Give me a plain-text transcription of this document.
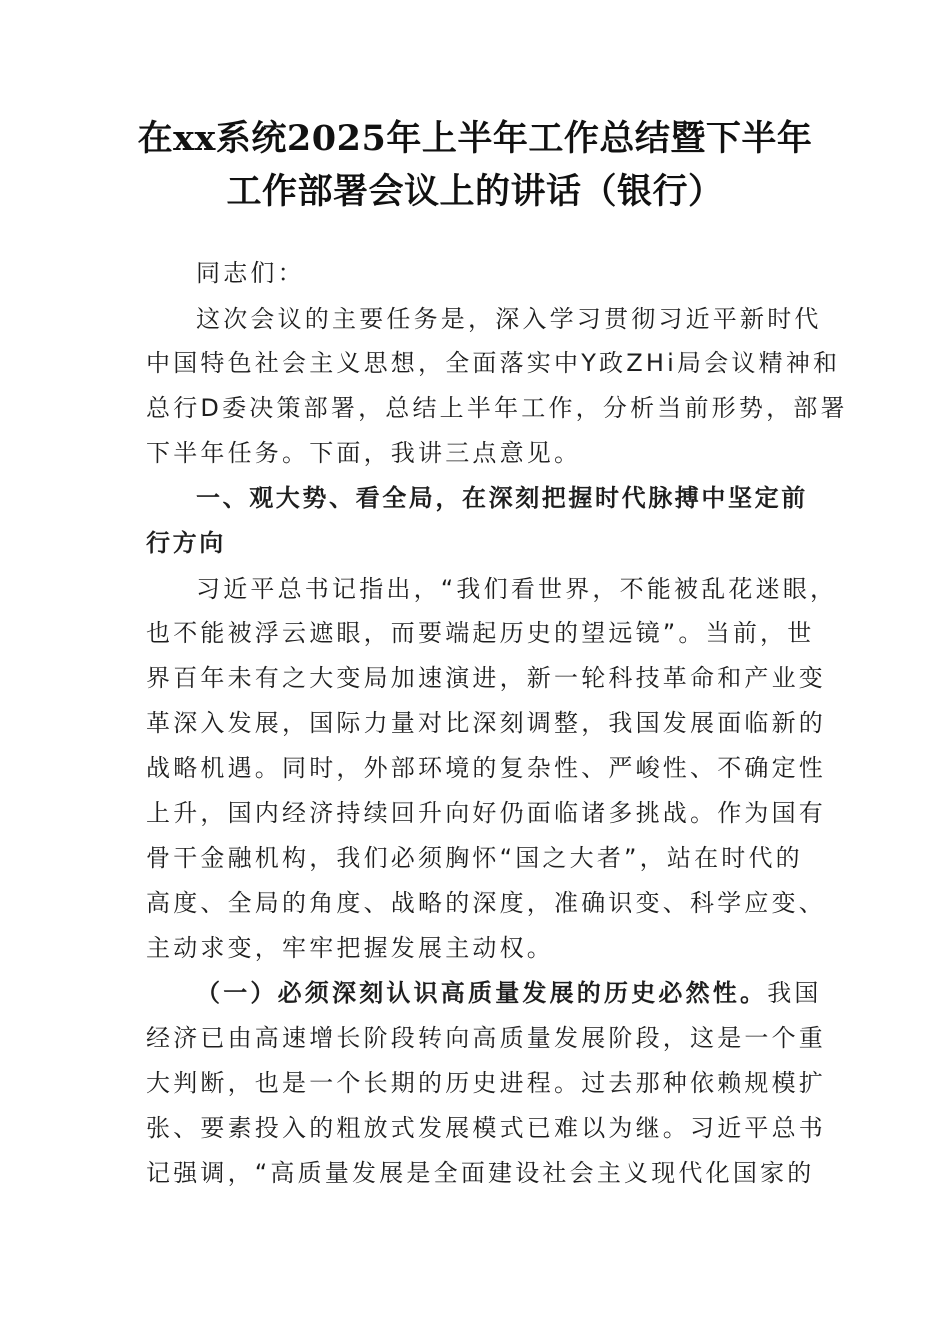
在xx系统2025年上半年工作总结暨下半年
工作部署会议上的讲话（银行）
同志们：
这次会议的主要任务是，深入学习贯彻习近平新时代
中国特色社会主义思想，全面落实中Y政ZHi局会议精神和
总行D委决策部署，总结上半年工作，分析当前形势，部署
下半年任务。下面，我讲三点意见。
一、观大势、看全局，在深刻把握时代脉搏中坚定前
行方向
习近平总书记指出，“我们看世界，不能被乱花迷眼，
也不能被浮云遮眼，而要端起历史的望远镜”。当前，世
界百年未有之大变局加速演进，新一轮科技革命和产业变
革深入发展，国际力量对比深刻调整，我国发展面临新的
战略机遇。同时，外部环境的复杂性、严峻性、不确定性
上升，国内经济持续回升向好仍面临诸多挑战。作为国有
骨干金融机构，我们必须胸怀“国之大者”，站在时代的
高度、全局的角度、战略的深度，准确识变、科学应变、
主动求变，牢牢把握发展主动权。
（一）必须深刻认识高质量发展的历史必然性。我国
经济已由高速增长阶段转向高质量发展阶段，这是一个重
大判断，也是一个长期的历史进程。过去那种依赖规模扩
张、要素投入的粗放式发展模式已难以为继。习近平总书
记强调，“高质量发展是全面建设社会主义现代化国家的
